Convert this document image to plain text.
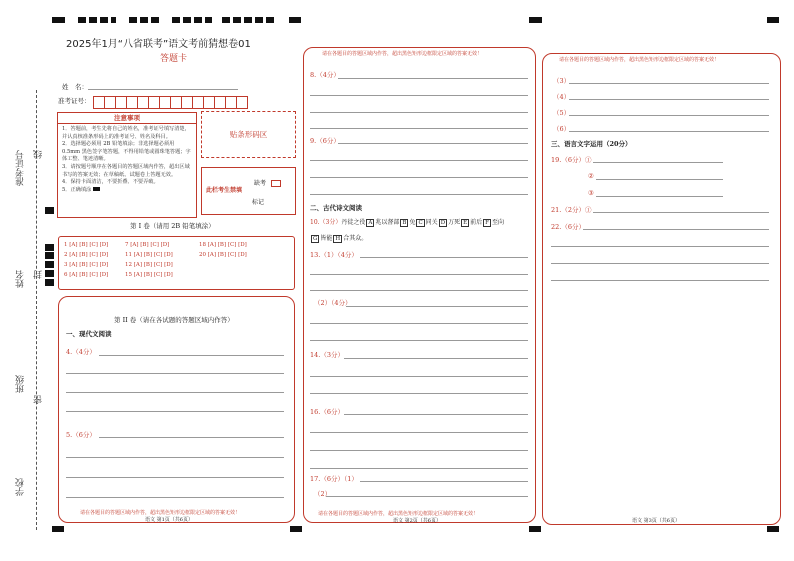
准考证号 线
姓名 封
班级
密
学校
2025年1月“八省联考”语文考前猜想卷01
答题卡
姓　名：
准考证号：
注意事项
1．答题前，考生先将自己的姓名，准考证号填写清楚，并认真核准条形码上的准考证号、姓名及科目。
2．选择题必须用 2B 铅笔填涂；非选择题必须用 0.5mm 黑色签字笔答题，不得用铅笔或圆珠笔答题；字体工整、笔迹清晰。
3．请按题号顺序在各题目的答题区域内作答，超出区域书写的答案无效；在草稿纸、试题卷上答题无效。
4．保持卡面清洁，不要折叠、不要弄破。
5．正确填涂
贴条形码区
此栏考生禁填
缺考
标记
第 I 卷（请用 2B 铅笔填涂）
1 [A] [B] [C] [D]
2 [A] [B] [C] [D]
3 [A] [B] [C] [D]
6 [A] [B] [C] [D]
7 [A] [B] [C] [D]
11 [A] [B] [C] [D]
12 [A] [B] [C] [D]
15 [A] [B] [C] [D]
18 [A] [B] [C] [D]
20 [A] [B] [C] [D]
第 II 卷（请在各试题的答题区域内作答）
一、现代文阅读
4.（4分）
5.（6分）
请在各题目的答题区域内作答，超出黑色矩形边框限定区域的答案无效！
语文 第1页（共6页）
请在各题目的答题区域内作答，超出黑色矩形边框限定区域的答案无效！
8.（4分）
9.（6分）
二、古代诗文阅读
10.（3分）丹徒之役 A 兆以督部 B 免 C 同关 D 万死 E 前后 F 至向
G 皆能 H 合其众。
13.（1）（4分）
（2）（4分）
14.（3分）
16.（6分）
17.（6分）（1）
（2）
请在各题目的答题区域内作答，超出黑色矩形边框限定区域的答案无效！
语文 第2页（共6页）
请在各题目的答题区域内作答，超出黑色矩形边框限定区域的答案无效！
（3）
（4）
（5）
（6）
三、语言文字运用（20分）
19.（6分）①
②
③
21.（2分）①
22.（6分）
语文 第3页（共6页）
